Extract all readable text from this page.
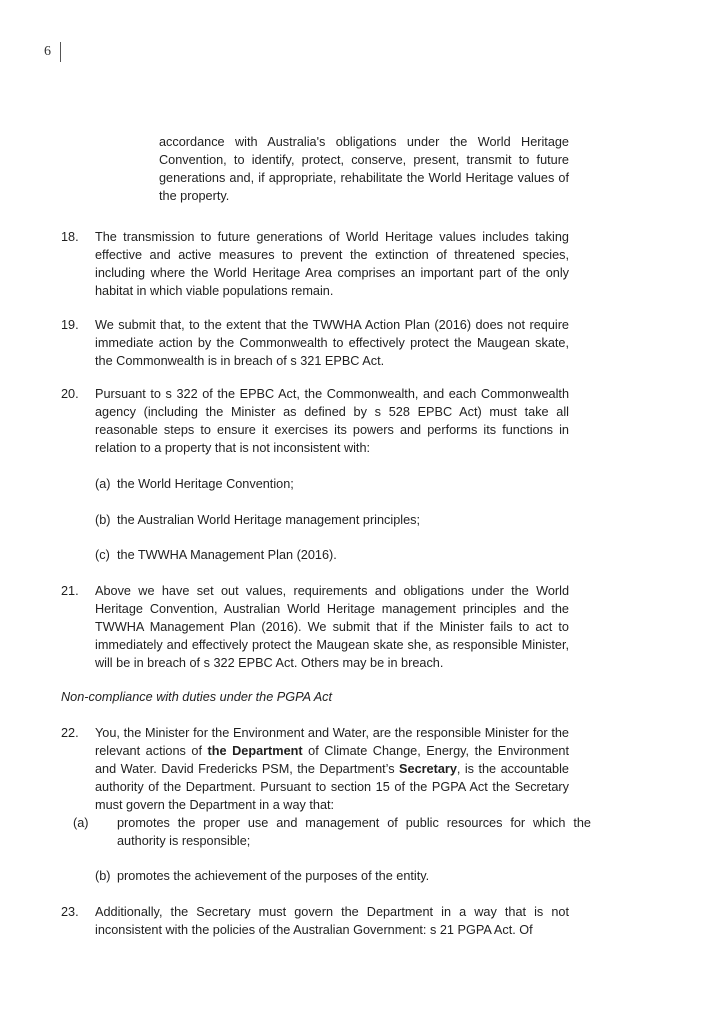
6
accordance with Australia's obligations under the World Heritage Convention, to identify, protect, conserve, present, transmit to future generations and, if appropriate, rehabilitate the World Heritage values of the property.
18. The transmission to future generations of World Heritage values includes taking effective and active measures to prevent the extinction of threatened species, including where the World Heritage Area comprises an important part of the only habitat in which viable populations remain.
19. We submit that, to the extent that the TWWHA Action Plan (2016) does not require immediate action by the Commonwealth to effectively protect the Maugean skate, the Commonwealth is in breach of s 321 EPBC Act.
20. Pursuant to s 322 of the EPBC Act, the Commonwealth, and each Commonwealth agency (including the Minister as defined by s 528 EPBC Act) must take all reasonable steps to ensure it exercises its powers and performs its functions in relation to a property that is not inconsistent with:
(a) the World Heritage Convention;
(b) the Australian World Heritage management principles;
(c) the TWWHA Management Plan (2016).
21. Above we have set out values, requirements and obligations under the World Heritage Convention, Australian World Heritage management principles and the TWWHA Management Plan (2016). We submit that if the Minister fails to act to immediately and effectively protect the Maugean skate she, as responsible Minister, will be in breach of s 322 EPBC Act. Others may be in breach.
Non-compliance with duties under the PGPA Act
22. You, the Minister for the Environment and Water, are the responsible Minister for the relevant actions of the Department of Climate Change, Energy, the Environment and Water. David Fredericks PSM, the Department’s Secretary, is the accountable authority of the Department. Pursuant to section 15 of the PGPA Act the Secretary must govern the Department in a way that:
(a) promotes the proper use and management of public resources for which the authority is responsible;
(b) promotes the achievement of the purposes of the entity.
23. Additionally, the Secretary must govern the Department in a way that is not inconsistent with the policies of the Australian Government: s 21 PGPA Act. Of
